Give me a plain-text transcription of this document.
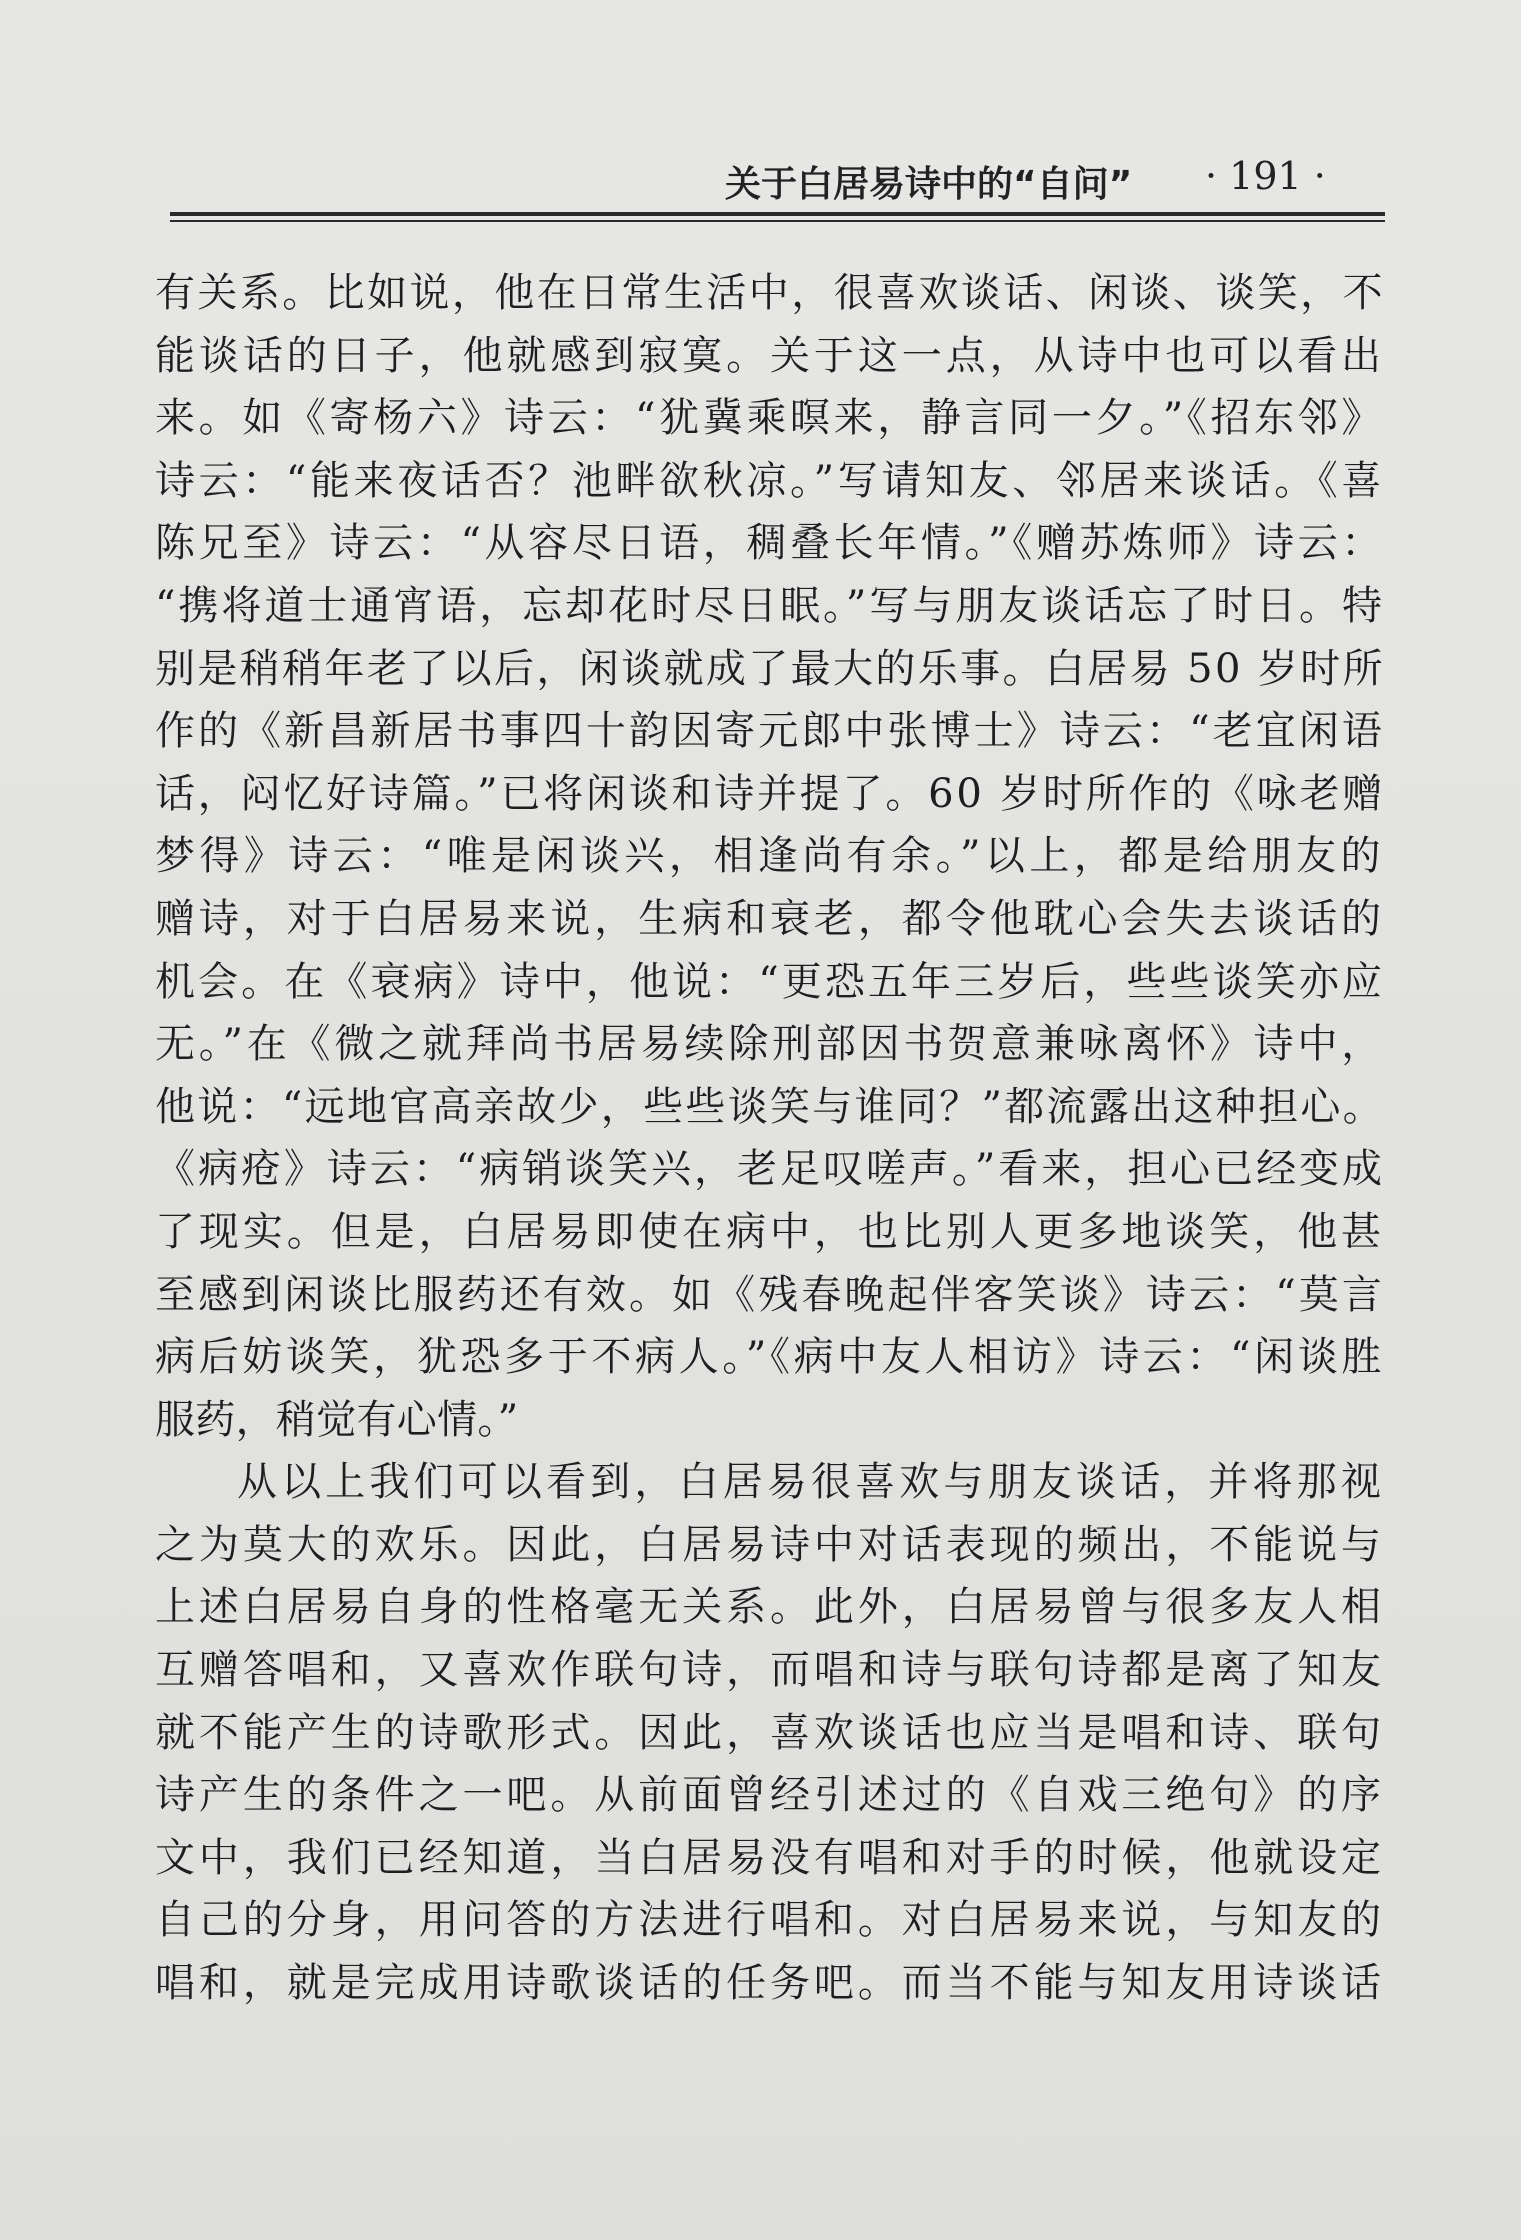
关于白居易诗中的“自问” · 191 ·
有关系。比如说，他在日常生活中，很喜欢谈话、闲谈、谈笑，不
能谈话的日子，他就感到寂寞。关于这一点，从诗中也可以看出
来。如《寄杨六》诗云：“犹冀乘暝来，静言同一夕。”《招东邻》
诗云：“能来夜话否？池畔欲秋凉。”写请知友、邻居来谈话。《喜
陈兄至》诗云：“从容尽日语，稠叠长年情。”《赠苏炼师》诗云：
“携将道士通宵语，忘却花时尽日眠。”写与朋友谈话忘了时日。特
别是稍稍年老了以后，闲谈就成了最大的乐事。白居易 50 岁时所
作的《新昌新居书事四十韵因寄元郎中张博士》诗云：“老宜闲语
话，闷忆好诗篇。”已将闲谈和诗并提了。60 岁时所作的《咏老赠
梦得》诗云：“唯是闲谈兴，相逢尚有余。”以上，都是给朋友的
赠诗，对于白居易来说，生病和衰老，都令他耽心会失去谈话的
机会。在《衰病》诗中，他说：“更恐五年三岁后，些些谈笑亦应
无。”在《微之就拜尚书居易续除刑部因书贺意兼咏离怀》诗中，
他说：“远地官高亲故少，些些谈笑与谁同？”都流露出这种担心。
《病疮》诗云：“病销谈笑兴，老足叹嗟声。”看来，担心已经变成
了现实。但是，白居易即使在病中，也比别人更多地谈笑，他甚
至感到闲谈比服药还有效。如《残春晚起伴客笑谈》诗云：“莫言
病后妨谈笑，犹恐多于不病人。”《病中友人相访》诗云：“闲谈胜
服药，稍觉有心情。”
从以上我们可以看到，白居易很喜欢与朋友谈话，并将那视
之为莫大的欢乐。因此，白居易诗中对话表现的频出，不能说与
上述白居易自身的性格毫无关系。此外，白居易曾与很多友人相
互赠答唱和，又喜欢作联句诗，而唱和诗与联句诗都是离了知友
就不能产生的诗歌形式。因此，喜欢谈话也应当是唱和诗、联句
诗产生的条件之一吧。从前面曾经引述过的《自戏三绝句》的序
文中，我们已经知道，当白居易没有唱和对手的时候，他就设定
自己的分身，用问答的方法进行唱和。对白居易来说，与知友的
唱和，就是完成用诗歌谈话的任务吧。而当不能与知友用诗谈话
